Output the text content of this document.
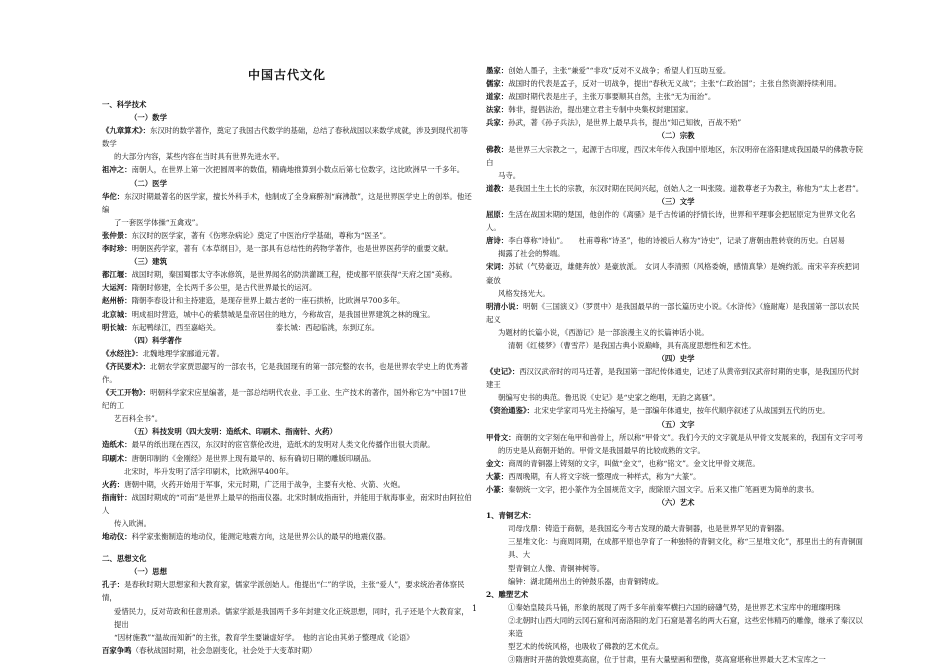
中国古代文化
一、科学技术
（一）数学
《九章算术》：东汉时的数学著作，奠定了我国古代数学的基础，总结了春秋战国以来数学成就，涉及到现代初等数学
的大部分内容，某些内容在当时具有世界先进水平。
祖冲之：南朝人，在世界上第一次把圆周率的数值，精确地推算到小数点后第七位数字，这比欧洲早一千多年。
（二）医学
华佗：东汉时期最著名的医学家，擅长外科手术，他制成了全身麻醉剂“麻沸散”，这是世界医学史上的创举。他还编
了一套医学体操“五禽戏”。
张仲景：东汉时的医学家，著有《伤寒杂病论》奠定了中医治疗学基础，尊称为“医圣”。
李时珍：明朝医药学家，著有《本草纲目》，是一部具有总结性的药物学著作，也是世界医药学的重要文献。
（三）建筑
都江堰：战国时期，秦国蜀郡太守李冰修筑，是世界闻名的防洪灌溉工程，使成都平原获得“天府之国”美称。
大运河：隋朝时修建，全长两千多公里，是古代世界最长的运河。
赵州桥：隋朝李春设计和主持建造，是现存世界上最古老的一座石拱桥，比欧洲早700多年。
北京城：明成祖时营造，城中心的紫禁城是皇帝居住的地方，今称故宫，是我国世界建筑之林的瑰宝。
明长城：东起鸭绿江，西至嘉峪关。　　　　　　　　泰长城：西起临洮，东到辽东。
（四）科学著作
《水经注》：北魏地理学家郦道元著。
《齐民要术》：北朝农学家贾思勰写的一部农书，它是我国现有的第一部完整的农书，也是世界农学史上的优秀著作。
《天工开物》：明朝科学家宋应星编著，是一部总结明代农业、手工业、生产技术的著作，国外称它为“中国17世纪的工
艺百科全书”。
（五）科技发明（四大发明：造纸术、印刷术、指南针、火药）
造纸术：最早的纸出现在西汉，东汉时的宦官蔡伦改进，造纸术的发明对人类文化传播作出很大贡献。
印刷术：唐朝印制的《金刚经》是世界上现有最早的、标有确切日期的雕版印刷品。
北宋时，毕升发明了活字印刷术，比欧洲早400年。
火药：唐朝中期，火药开始用于军事，宋元时期，广泛用于战争，主要有火枪、火箭、火炮。
指南针：战国时期成的“司南”是世界上最早的指南仪器。北宋时制成指南针，并能用于航海事业，南宋时由阿拉伯人
传入欧洲。
地动仪：科学家张衡制造的地动仪，能测定地震方向，这是世界公认的最早的地震仪器。
二、思想文化
（一）思想
孔子：是春秋时期大思想家和大教育家，儒家学派创始人。他提出“仁”的学说，主张“爱人”，要求统治者体察民情，
爱惜民力，反对苛政和任意刑杀。儒家学派是我国两千多年封建文化正统思想，同时，孔子还是个大教育家，提出
“因材施教”“温故而知新”的主张，教育学生要谦虚好学。　他的言论由其弟子整理成《论语》
百家争鸣（春秋战国时期，社会急剧变化，社会处于大变革时期）
墨家：创始人墨子，主张“兼爱”“非攻”反对不义战争；希望人们互助互爱。
儒家：战国时的代表是孟子，反对一切战争，提出“春秋无义战”；主张“仁政治国”；主张自然资源持续利用。
道家：战国时期代表是庄子，主张万事要顺其自然，主张“无为而治”。
法家：韩非，提倡法治，提出建立君主专制中央集权封建国家。
兵家：孙武，著《孙子兵法》，是世界上最早兵书，提出“知己知彼，百战不殆”
（二）宗教
佛教：是世界三大宗教之一，起源于古印度，西汉末年传入我国中原地区，东汉明帝在洛阳建成我国最早的佛教寺院白
马寺。
道教：是我国土生土长的宗教，东汉时期在民间兴起，创始人之一叫张陵。道教尊老子为教主，称他为“太上老君”。
（三）文学
屈原：生活在战国末期的楚国，他创作的《离骚》是千古传诵的抒情长诗，世界和平理事会把屈原定为世界文化名人。
唐诗：李白尊称“诗仙”。　　杜甫尊称“诗圣”，他的诗被后人称为“诗史”，记录了唐朝由胜转衰的历史。白居易
揭露了社会的弊端。
宋词：苏轼（气势豪迈，雄健奔放）是豪放派。　女词人李清照（风格委婉，感情真挚）是婉约派。南宋辛弃疾把词豪放
风格发扬光大。
明清小说：明朝《三国演义》（罗贯中）是我国最早的一部长篇历史小说。《水浒传》（施耐庵）是我国第一部以农民起义
为题材的长篇小说，《西游记》是一部浪漫主义的长篇神话小说。
清朝《红楼梦》（曹雪芹）是我国古典小说巅峰，具有高度思想性和艺术性。
（四）史学
《史记》：西汉汉武帝时的司马迁著，是我国第一部纪传体通史，记述了从黄帝到汉武帝时期的史事，是我国历代封建王
朝编写史书的典范。鲁迅说《史记》是“史家之绝唱，无韵之离骚”。
《资治通鉴》：北宋史学家司马光主持编写，是一部编年体通史，按年代顺序叙述了从战国到五代的历史。
（五）文字
甲骨文：商朝的文字刻在龟甲和兽骨上，所以称“甲骨文”。我们今天的文字就是从甲骨文发展来的，我国有文字可考
的历史是从商朝开始的。甲骨文是我国最早的比较成熟的文字。
金文：商周的青铜器上铸刻的文字，叫做“金文”，也称“铭文”。金文比甲骨文规范。
大篆：西周晚期，有人将文字统一整理成一种样式，称为“大篆”。
小篆：秦朝统一文字，把小篆作为全国规范文字，废除原六国文字。后来又推广笔画更为简单的隶书。
（六）艺术
1、青铜艺术：
司母戊鼎：铸造于商朝，是我国迄今考古发现的最大青铜器，也是世界罕见的青铜器。
三星堆文化：与商周同期，在成都平原也孕育了一种独特的青铜文化，称“三星堆文化”，那里出土的有青铜面具、大
型青铜立人像、青铜神树等。
编钟：湖北随州出土的钟鼓乐器，由青铜铸成。
2、雕塑艺术
①秦始皇陵兵马俑，形象的展现了两千多年前秦军横扫六国的磅礴气势，是世界艺术宝库中的璀璨明珠
②北朝时山西大同的云冈石窟和河南洛阳的龙门石窟是著名的两大石窟，这些宏伟精巧的雕像，继承了秦汉以来造
型艺术的传统风格，也吸收了佛教的艺术优点。
③隋唐时开凿的敦煌莫高窟，位于甘肃，里有大量壁画和塑像，莫高窟堪称世界最大艺术宝库之一
1
